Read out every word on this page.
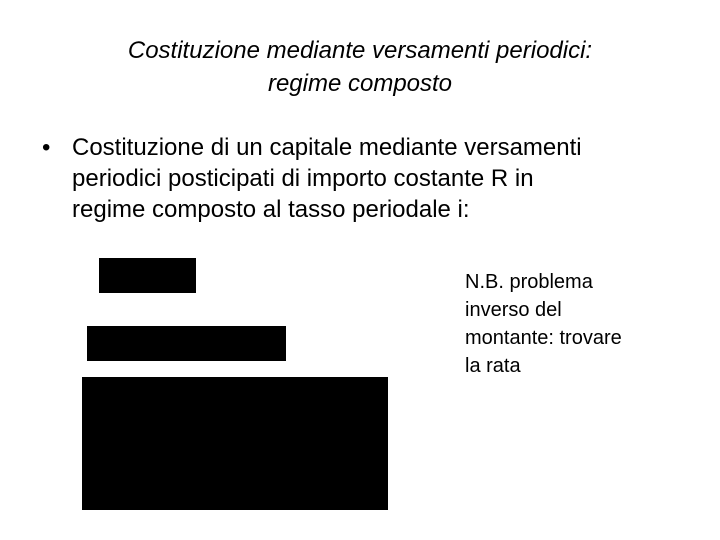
Costituzione mediante versamenti periodici:
regime composto
• Costituzione di un capitale mediante versamenti
periodici posticipati di importo costante R in
regime composto al tasso periodale i:
N.B. problema
inverso del
montante: trovare
la rata
